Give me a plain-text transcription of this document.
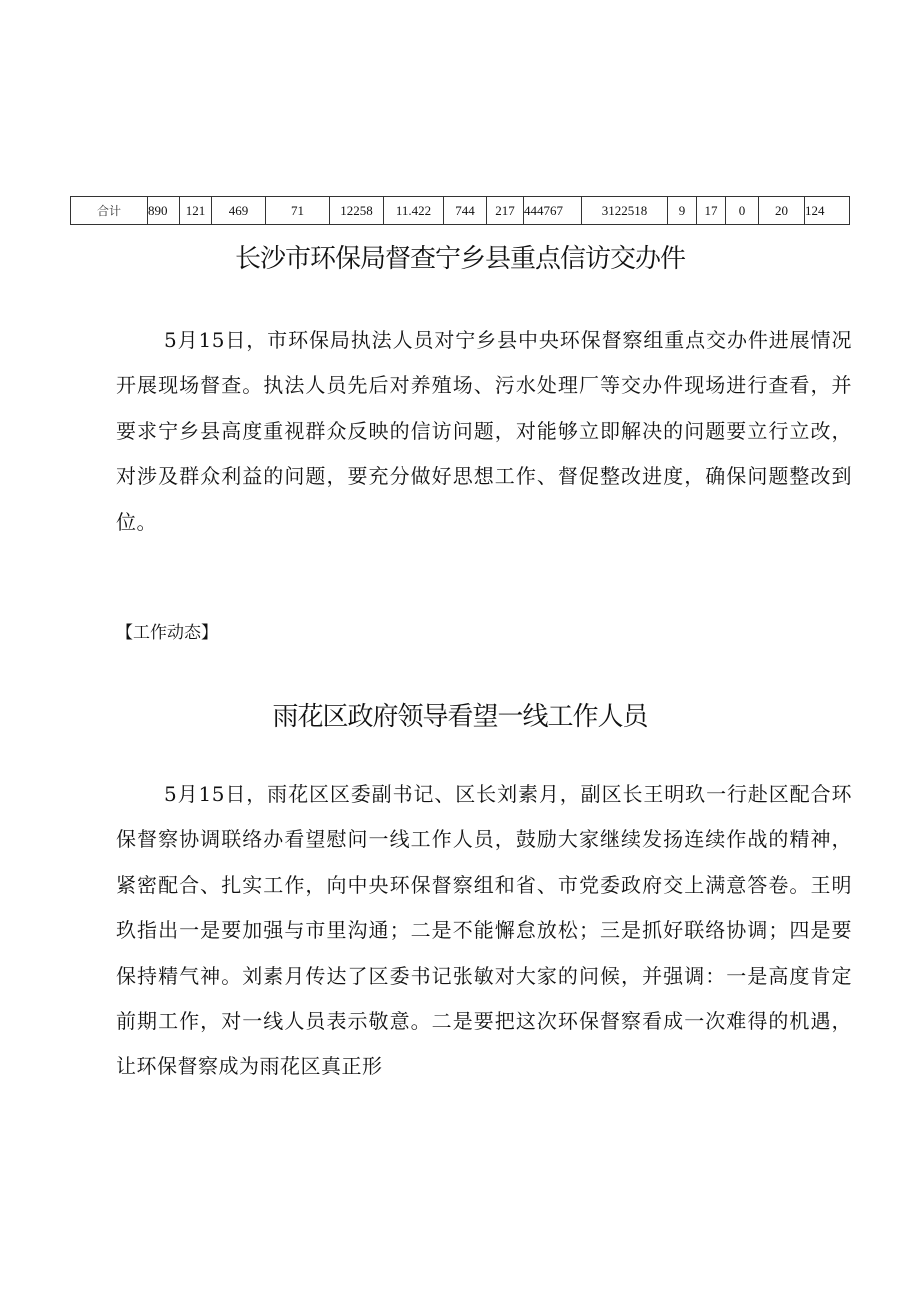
合计	890	121	469	71	12258	11.422	744	217	444767	3122518	9	17	0	20	124
长沙市环保局督查宁乡县重点信访交办件

5月15日，市环保局执法人员对宁乡县中央环保督察组重点交办件进展情况开展现场督查。执法人员先后对养殖场、污水处理厂等交办件现场进行查看，并要求宁乡县高度重视群众反映的信访问题，对能够立即解决的问题要立行立改，对涉及群众利益的问题，要充分做好思想工作、督促整改进度，确保问题整改到位。

【工作动态】
雨花区政府领导看望一线工作人员

5月15日，雨花区区委副书记、区长刘素月，副区长王明玖一行赴区配合环保督察协调联络办看望慰问一线工作人员，鼓励大家继续发扬连续作战的精神，紧密配合、扎实工作，向中央环保督察组和省、市党委政府交上满意答卷。王明玖指出一是要加强与市里沟通；二是不能懈怠放松；三是抓好联络协调；四是要保持精气神。刘素月传达了区委书记张敏对大家的问候，并强调：一是高度肯定前期工作，对一线人员表示敬意。二是要把这次环保督察看成一次难得的机遇，让环保督察成为雨花区真正形
